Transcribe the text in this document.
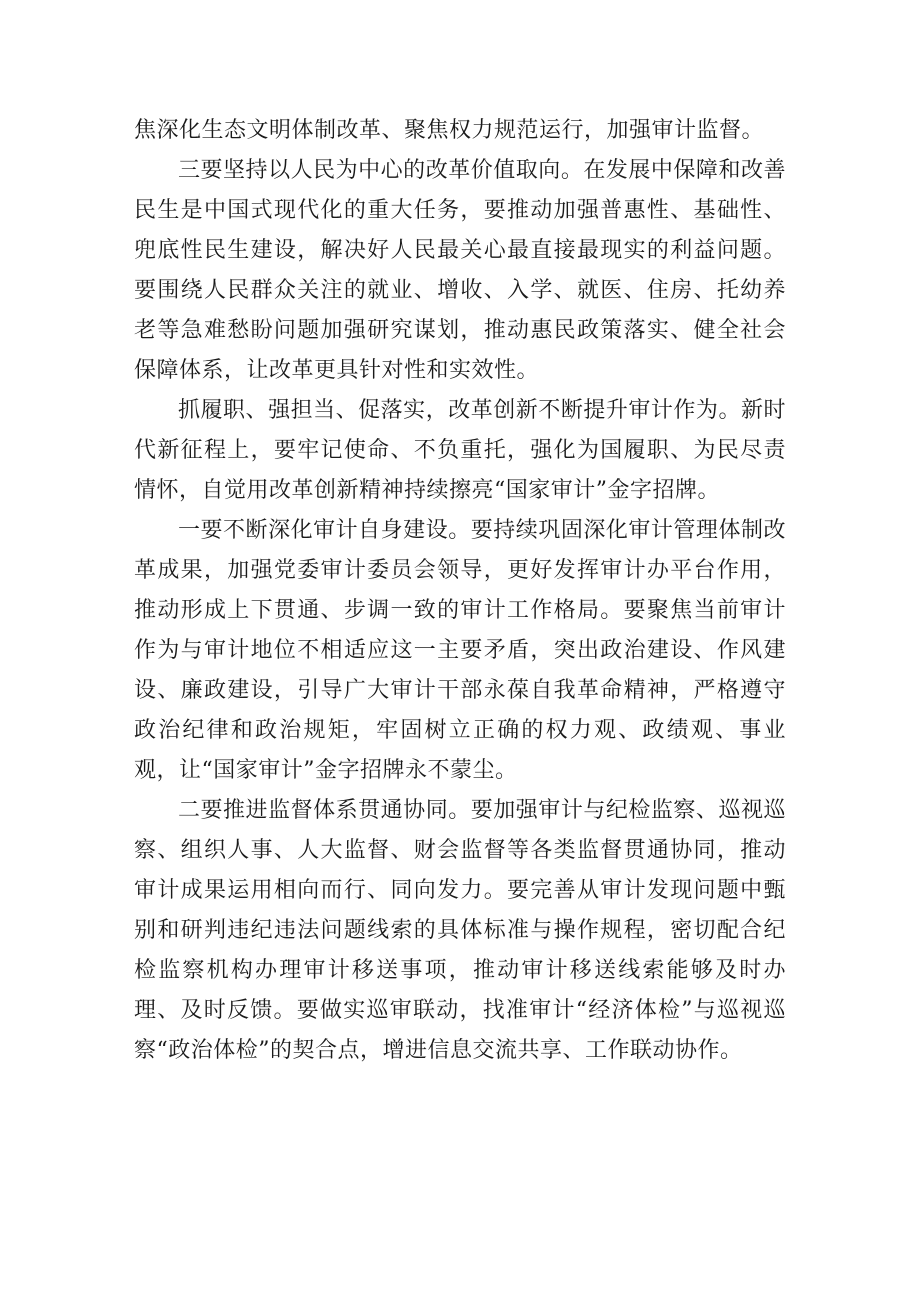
焦深化生态文明体制改革、聚焦权力规范运行，加强审计监督。

三要坚持以人民为中心的改革价值取向。在发展中保障和改善民生是中国式现代化的重大任务，要推动加强普惠性、基础性、兜底性民生建设，解决好人民最关心最直接最现实的利益问题。要围绕人民群众关注的就业、增收、入学、就医、住房、托幼养老等急难愁盼问题加强研究谋划，推动惠民政策落实、健全社会保障体系，让改革更具针对性和实效性。

抓履职、强担当、促落实，改革创新不断提升审计作为。新时代新征程上，要牢记使命、不负重托，强化为国履职、为民尽责情怀，自觉用改革创新精神持续擦亮“国家审计”金字招牌。

一要不断深化审计自身建设。要持续巩固深化审计管理体制改革成果，加强党委审计委员会领导，更好发挥审计办平台作用，推动形成上下贯通、步调一致的审计工作格局。要聚焦当前审计作为与审计地位不相适应这一主要矛盾，突出政治建设、作风建设、廉政建设，引导广大审计干部永葆自我革命精神，严格遵守政治纪律和政治规矩，牢固树立正确的权力观、政绩观、事业观，让“国家审计”金字招牌永不蒙尘。

二要推进监督体系贯通协同。要加强审计与纪检监察、巡视巡察、组织人事、人大监督、财会监督等各类监督贯通协同，推动审计成果运用相向而行、同向发力。要完善从审计发现问题中甄别和研判违纪违法问题线索的具体标准与操作规程，密切配合纪检监察机构办理审计移送事项，推动审计移送线索能够及时办理、及时反馈。要做实巡审联动，找准审计“经济体检”与巡视巡察“政治体检”的契合点，增进信息交流共享、工作联动协作。
